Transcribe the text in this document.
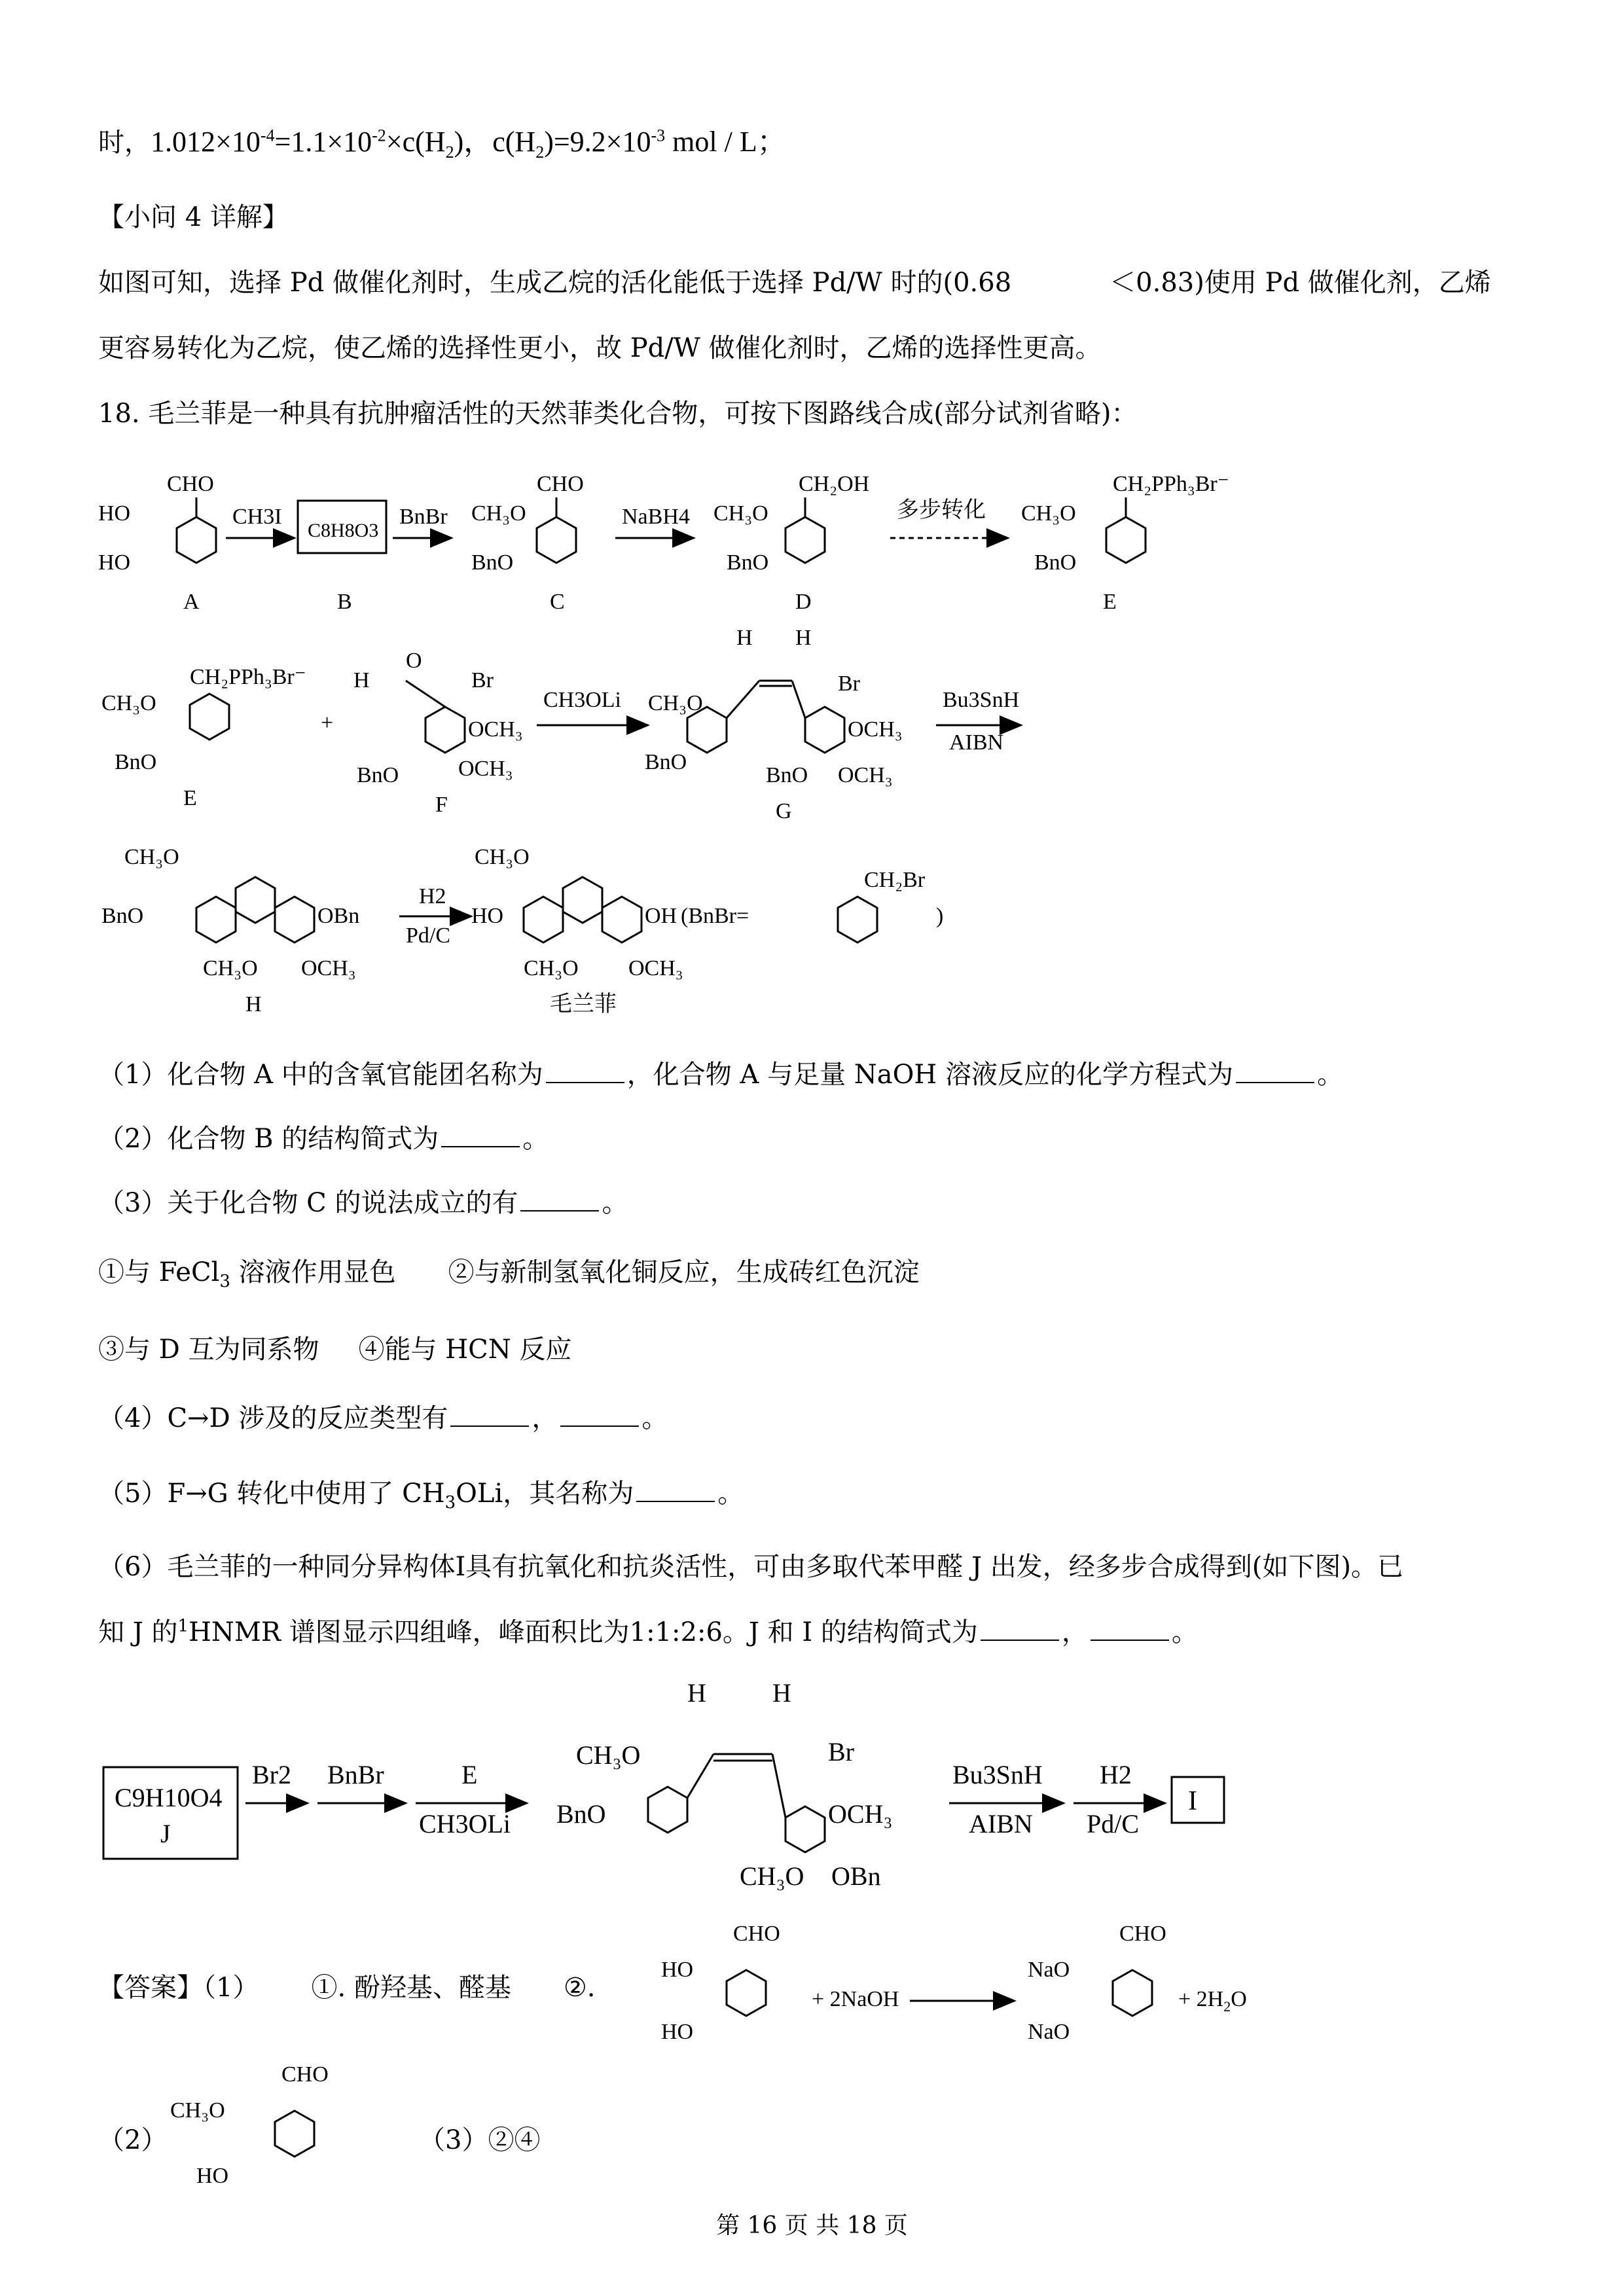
时，$1.012\times 10^{-4}=1.1\times 10^{-2}\times c(H_2)$，$c(H_2)=9.2\times 10^{-3}$ mol / L；
【小问 4 详解】
如图可知，选择 Pd 做催化剂时，生成乙烷的活化能低于选择 Pd/W 时的(0.68	＜0.83)使用 Pd 做催化剂，乙烯
更容易转化为乙烷，使乙烯的选择性更小，故 Pd/W 做催化剂时，乙烯的选择性更高。
18. 毛兰菲是一种具有抗肿瘤活性的天然菲类化合物，可按下图路线合成(部分试剂省略)：
（1）化合物 A 中的含氧官能团名称为	，化合物 A 与足量 NaOH 溶液反应的化学方程式为	。
（2）化合物 B 的结构简式为	。
（3）关于化合物 C 的说法成立的有	。
①与 FeCl$_3$ 溶液作用显色 ②与新制氢氧化铜反应，生成砖红色沉淀
③与 D 互为同系物 ④能与 HCN 反应
（4）C→D 涉及的反应类型有	，	。
（5）F→G 转化中使用了 $CH_3OLi$，其名称为	。
（6）毛兰菲的一种同分异构体I具有抗氧化和抗炎活性，可由多取代苯甲醛 J 出发，经多步合成得到(如下图)。已
知 J 的$^1$HNMR 谱图显示四组峰，峰面积比为1:1:2:6。J 和 I 的结构简式为	，	。
【答案】（1） ①. 酚羟基、醛基 ②.
（2）	（3）②④
第 16 页 共 18 页
CHO
HO
HO
A
CH3I
C8H8O3
B
BnBr
CHO
CH₃O
BnO
C
NaBH4
CH₂OH
CH₃O
BnO
D
多步转化
CH₂PPh₃Br⁻
CH₃O
BnO
E
CH₂PPh₃Br⁻
CH₃O
BnO
E
+
H
O
Br
OCH₃
OCH₃
BnO
F
CH3OLi
H H
Br
CH₃O
BnO
OCH₃
BnO OCH₃
G
Bu3SnH
AIBN
CH₃O
BnO	OBn
CH₃O OCH₃
H
H2
Pd/C
CH₃O
HO	OH
CH₃O OCH₃
毛兰菲
(BnBr=
CH₂Br
)
C9H10O4
J
Br2 BnBr	E
CH3OLi
H	H
CH₃O
BnO
Br
OCH₃
CH₃O OBn
Bu3SnH
AIBN
H2
Pd/C
I
CHO
HO
HO
+ 2NaOH
CHO
NaO
NaO
+ $2H_2O$
CHO
CH₃O
HO
